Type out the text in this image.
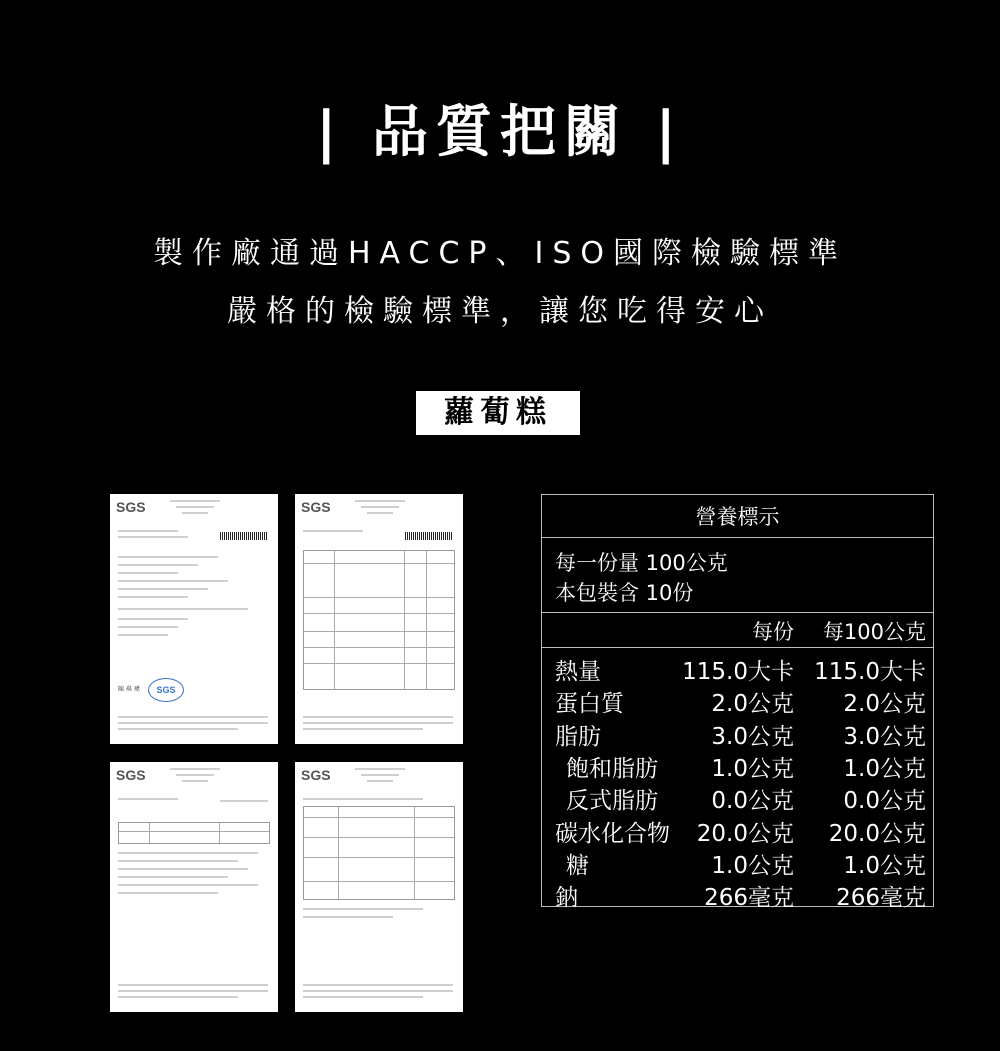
| 品質把關 |
製作廠通過HACCP、ISO國際檢驗標準
嚴格的檢驗標準，讓您吃得安心
蘿蔔糕
SGS
陳 琪 瑋	SGS
SGS
SGS	SGS
營養標示
每一份量 100公克
本包裝含 10份
每份 每100公克
熱量	115.0大卡 115.0大卡
蛋白質	2.0公克 2.0公克
脂肪	3.0公克 3.0公克
飽和脂肪 1.0公克 1.0公克
反式脂肪 0.0公克 0.0公克
碳水化合物 20.0公克 20.0公克
糖	1.0公克 1.0公克
鈉	266毫克 266毫克
